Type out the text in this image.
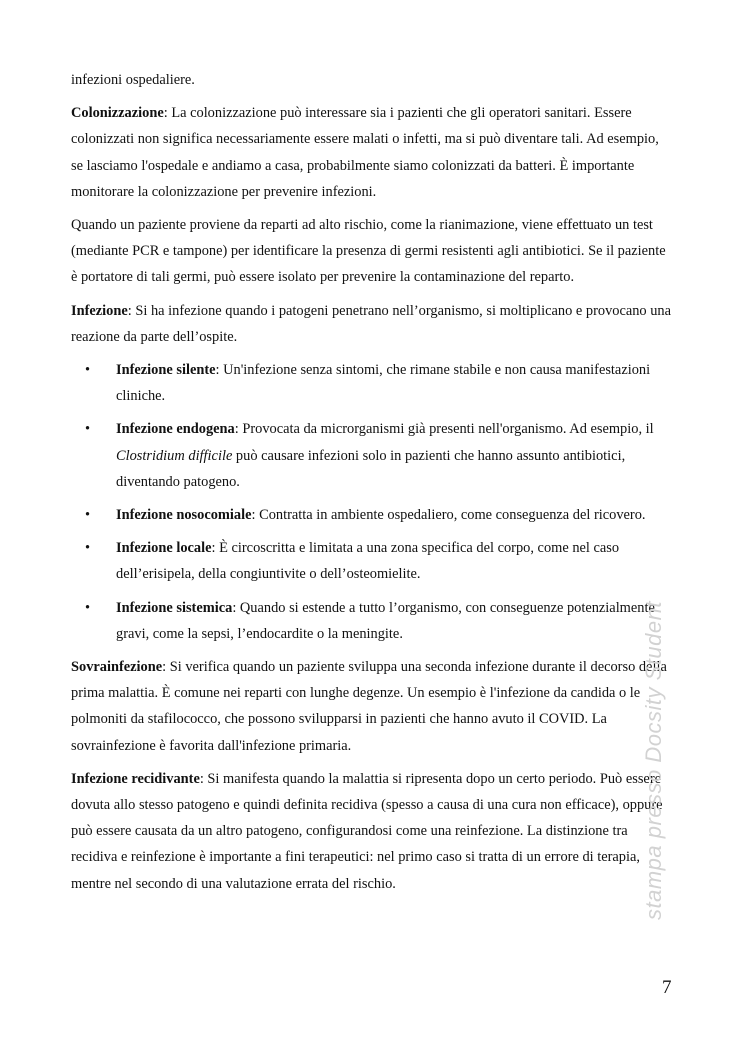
infezioni ospedaliere.

Colonizzazione: La colonizzazione può interessare sia i pazienti che gli operatori sanitari. Essere colonizzati non significa necessariamente essere malati o infetti, ma si può diventare tali. Ad esempio, se lasciamo l'ospedale e andiamo a casa, probabilmente siamo colonizzati da batteri. È importante monitorare la colonizzazione per prevenire infezioni.

Quando un paziente proviene da reparti ad alto rischio, come la rianimazione, viene effettuato un test (mediante PCR e tampone) per identificare la presenza di germi resistenti agli antibiotici. Se il paziente è portatore di tali germi, può essere isolato per prevenire la contaminazione del reparto.

Infezione: Si ha infezione quando i patogeni penetrano nell’organismo, si moltiplicano e provocano una reazione da parte dell’ospite.

• Infezione silente: Un'infezione senza sintomi, che rimane stabile e non causa manifestazioni cliniche.
• Infezione endogena: Provocata da microrganismi già presenti nell'organismo. Ad esempio, il Clostridium difficile può causare infezioni solo in pazienti che hanno assunto antibiotici, diventando patogeno.
• Infezione nosocomiale: Contratta in ambiente ospedaliero, come conseguenza del ricovero.
• Infezione locale: È circoscritta e limitata a una zona specifica del corpo, come nel caso dell’erisipela, della congiuntivite o dell’osteomielite.
• Infezione sistemica: Quando si estende a tutto l’organismo, con conseguenze potenzialmente gravi, come la sepsi, l’endocardite o la meningite.

Sovrainfezione: Si verifica quando un paziente sviluppa una seconda infezione durante il decorso della prima malattia. È comune nei reparti con lunghe degenze. Un esempio è l'infezione da candida o le polmoniti da stafilococco, che possono svilupparsi in pazienti che hanno avuto il COVID. La sovrainfezione è favorita dall'infezione primaria.

Infezione recidivante: Si manifesta quando la malattia si ripresenta dopo un certo periodo. Può essere dovuta allo stesso patogeno e quindi definita recidiva (spesso a causa di una cura non efficace), oppure può essere causata da un altro patogeno, configurandosi come una reinfezione. La distinzione tra recidiva e reinfezione è importante a fini terapeutici: nel primo caso si tratta di un errore di terapia, mentre nel secondo di una valutazione errata del rischio.	stampa presso Docsity Student
7
